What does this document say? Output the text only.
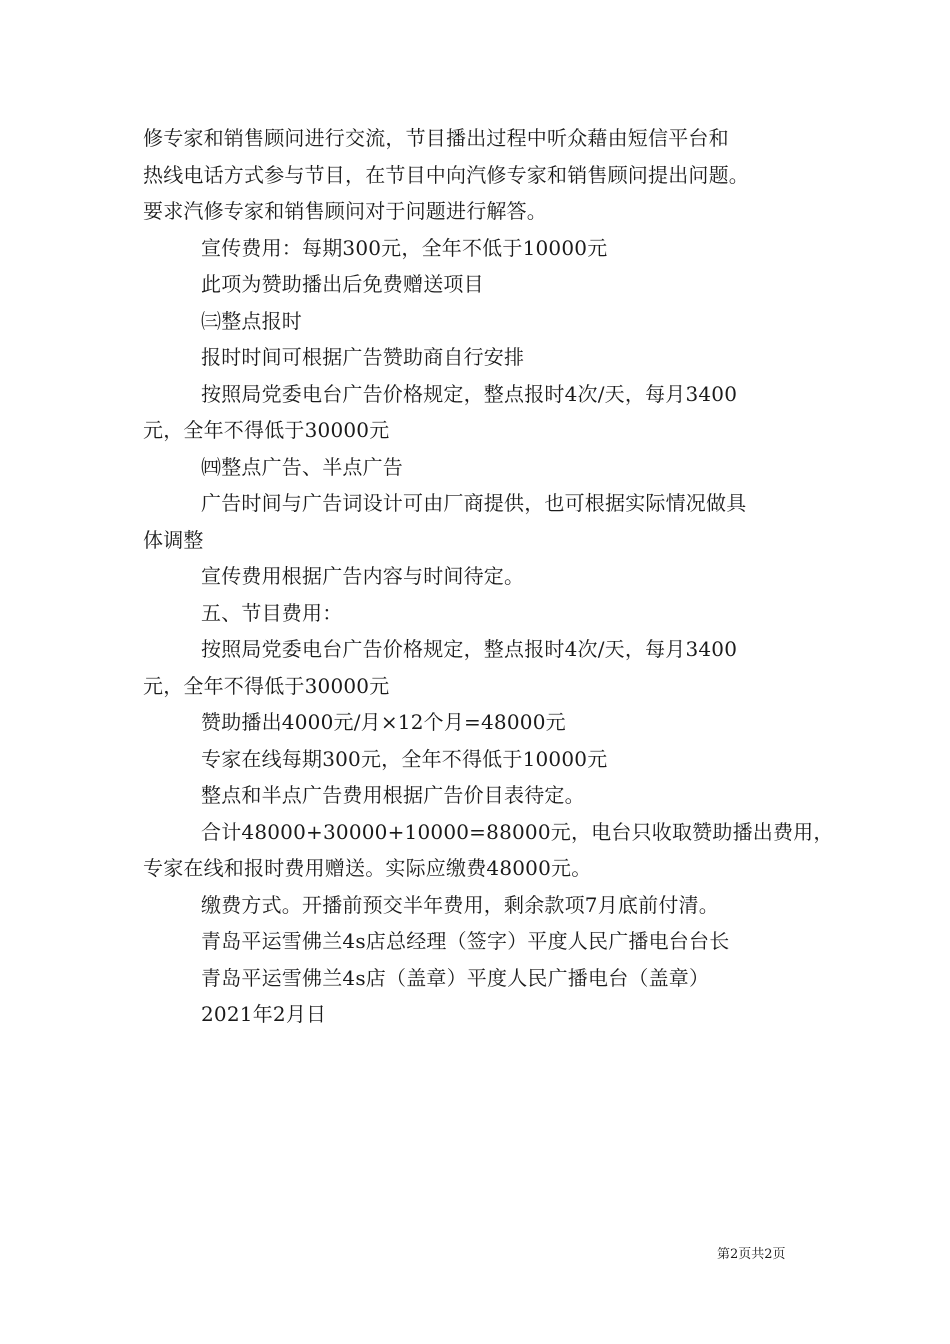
修专家和销售顾问进行交流，节目播出过程中听众藉由短信平台和
热线电话方式参与节目，在节目中向汽修专家和销售顾问提出问题。
要求汽修专家和销售顾问对于问题进行解答。
宣传费用：每期300元，全年不低于10000元
此项为赞助播出后免费赠送项目
㈢整点报时
报时时间可根据广告赞助商自行安排
按照局党委电台广告价格规定，整点报时4次/天，每月3400
元，全年不得低于30000元
㈣整点广告、半点广告
广告时间与广告词设计可由厂商提供，也可根据实际情况做具
体调整
宣传费用根据广告内容与时间待定。
五、节目费用：
按照局党委电台广告价格规定，整点报时4次/天，每月3400
元，全年不得低于30000元
赞助播出4000元/月×12个月=48000元
专家在线每期300元，全年不得低于10000元
整点和半点广告费用根据广告价目表待定。
合计48000+30000+10000=88000元，电台只收取赞助播出费用，
专家在线和报时费用赠送。实际应缴费48000元。
缴费方式。开播前预交半年费用，剩余款项7月底前付清。
青岛平运雪佛兰4s店总经理（签字）平度人民广播电台台长
青岛平运雪佛兰4s店（盖章）平度人民广播电台（盖章）
2021年2月日
第2页共2页
